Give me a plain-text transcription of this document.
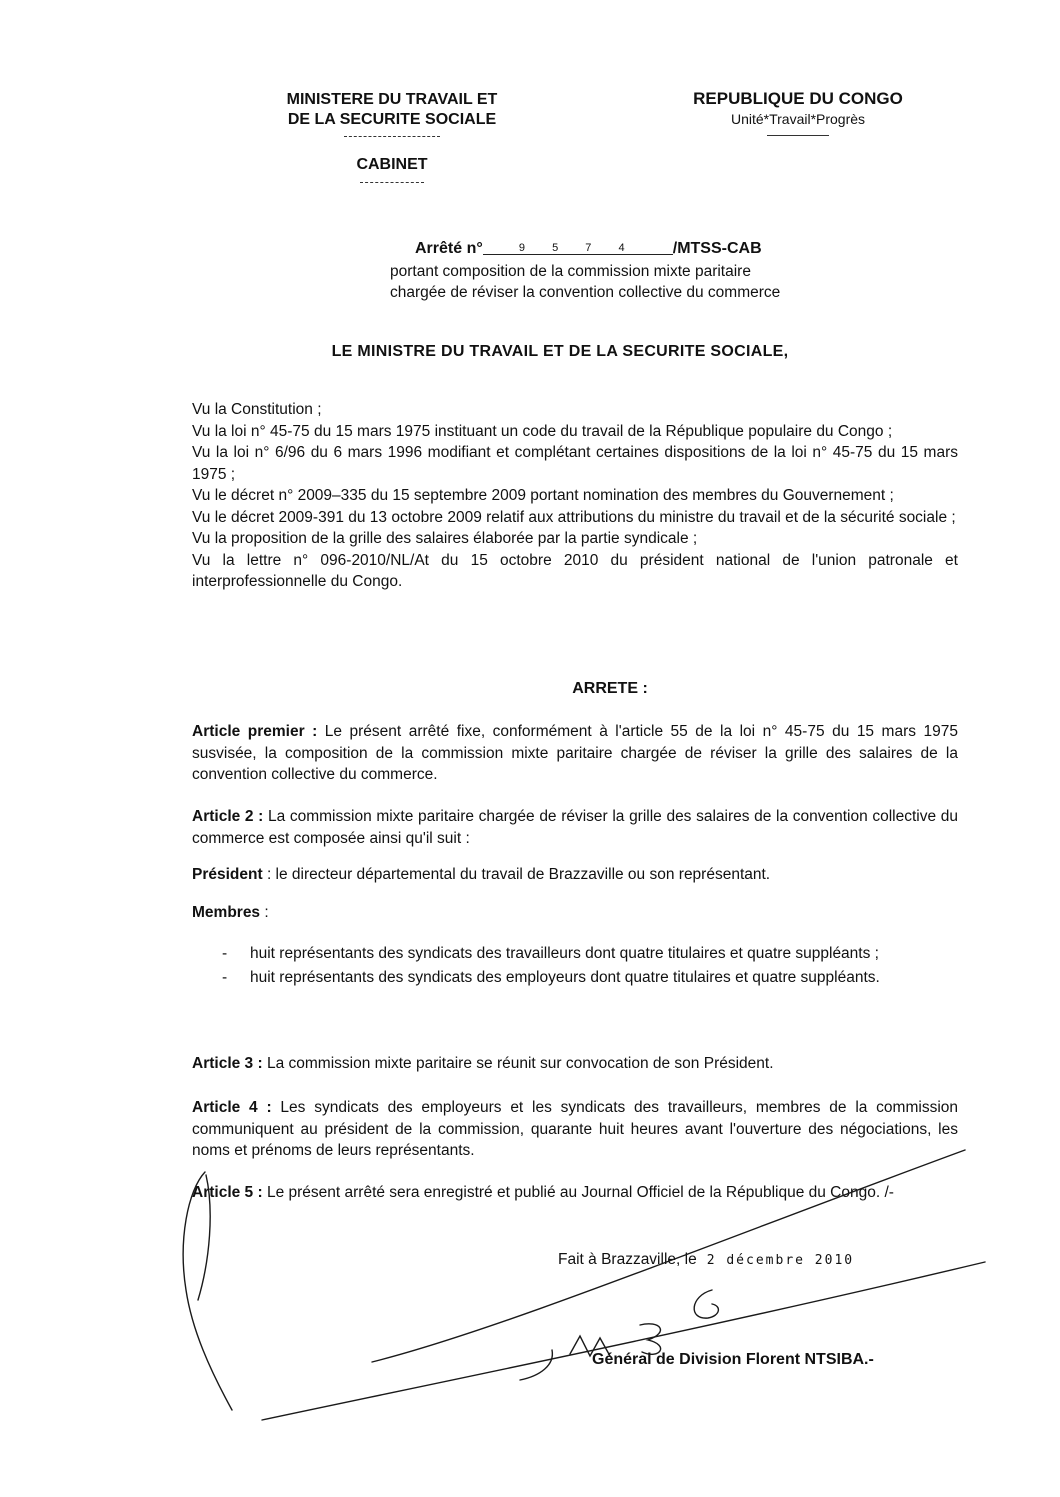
MINISTERE DU TRAVAIL ET
DE LA SECURITE SOCIALE
CABINET
REPUBLIQUE DU CONGO
Unité*Travail*Progrès
Arrêté n°	9 5 7 4 /MTSS-CAB
portant composition de la commission mixte paritaire
chargée de réviser la convention collective du commerce
LE MINISTRE DU TRAVAIL ET DE LA SECURITE SOCIALE,

Vu la Constitution ;

Vu la loi n° 45-75 du 15 mars 1975 instituant un code du travail de la République populaire du Congo ;

Vu la loi n° 6/96 du 6 mars 1996 modifiant et complétant certaines dispositions de la loi n° 45-75 du 15 mars 1975 ;

Vu le décret n° 2009–335 du 15 septembre 2009 portant nomination des membres du Gouvernement ;

Vu le décret 2009-391 du 13 octobre 2009 relatif aux attributions du ministre du travail et de la sécurité sociale ;

Vu la proposition de la grille des salaires élaborée par la partie syndicale ;

Vu la lettre n° 096-2010/NL/At du 15 octobre 2010 du président national de l'union patronale et interprofessionnelle du Congo.

ARRETE :

Article premier : Le présent arrêté fixe, conformément à l'article 55 de la loi n° 45-75 du 15 mars 1975 susvisée, la composition de la commission mixte paritaire chargée de réviser la grille des salaires de la convention collective du commerce.

Article 2 : La commission mixte paritaire chargée de réviser la grille des salaires de la convention collective du commerce est composée ainsi qu'il suit :

Président : le directeur départemental du travail de Brazzaville ou son représentant.

Membres :

-	huit représentants des syndicats des travailleurs dont quatre titulaires et quatre suppléants ;
-	huit représentants des syndicats des employeurs dont quatre titulaires et quatre suppléants.

Article 3 : La commission mixte paritaire se réunit sur convocation de son Président.

Article 4 : Les syndicats des employeurs et les syndicats des travailleurs, membres de la commission communiquent au président de la commission, quarante huit heures avant l'ouverture des négociations, les noms et prénoms de leurs représentants.

Article 5 : Le présent arrêté sera enregistré et publié au Journal Officiel de la République du Congo. /-

Fait à Brazzaville, le 2 décembre 2010
Général de Division Florent NTSIBA.-
